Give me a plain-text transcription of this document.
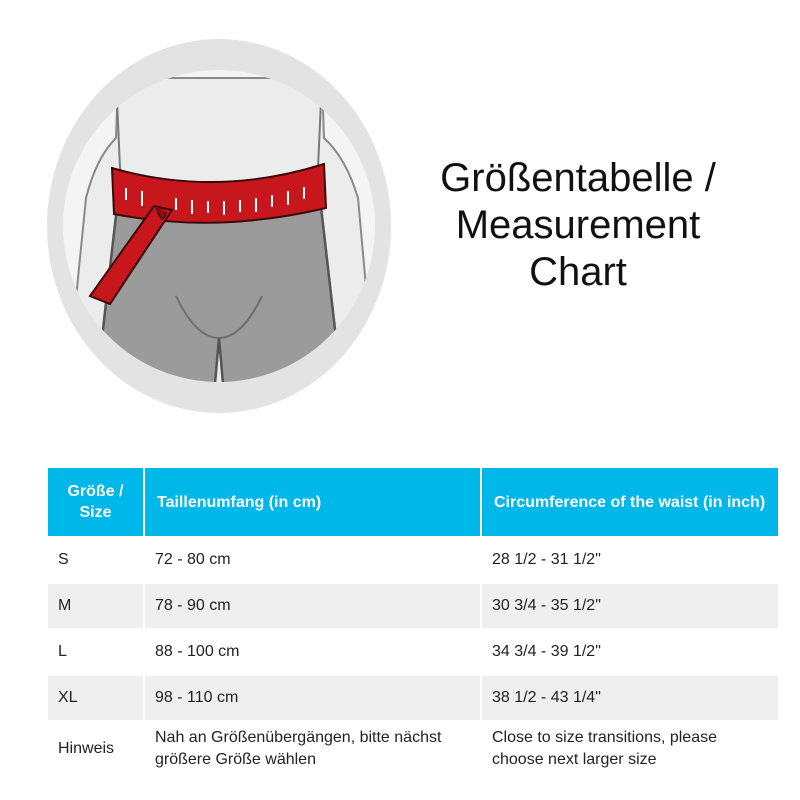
Größentabelle /
Measurement
Chart
Größe / Size	Taillenumfang (in cm)	Circumference of the waist (in inch)
S	72 - 80 cm	28 1/2 - 31 1/2"
M	78 - 90 cm	30 3/4 - 35 1/2"
L	88 - 100 cm	34 3/4 - 39 1/2"
XL	98 - 110 cm	38 1/2 - 43 1/4"
Hinweis	Nah an Größenübergängen, bitte nächst größere Größe wählen	Close to size transitions, please choose next larger size
